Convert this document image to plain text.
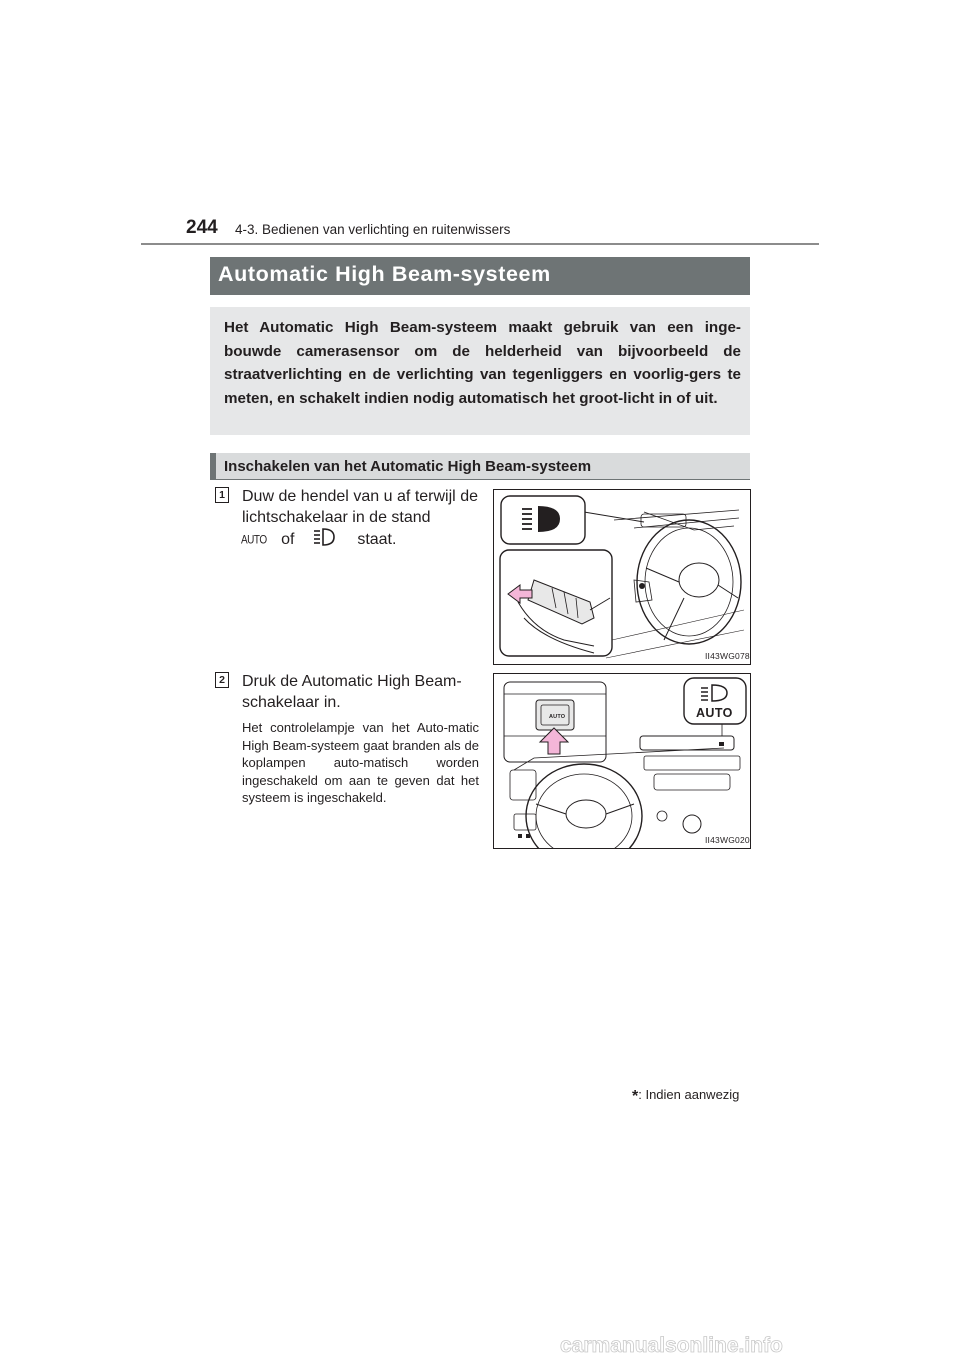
244 4-3. Bedienen van verlichting en ruitenwissers
Automatic High Beam-systeem	*
Het Automatic High Beam-systeem maakt gebruik van een inge-bouwde camerasensor om de helderheid van bijvoorbeeld de straatverlichting en de verlichting van tegenliggers en voorlig-gers te meten, en schakelt indien nodig automatisch het groot-licht in of uit.
Inschakelen van het Automatic High Beam-systeem
1 Duw de hendel van u af terwijl de lichtschakelaar in de stand
AUTO of	staat.
II43WG078
2 Druk de Automatic High Beam-schakelaar in.
Het controlelampje van het Auto-matic High Beam-systeem gaat branden als de koplampen auto-matisch worden ingeschakeld om aan te geven dat het systeem is ingeschakeld.
AUTO
AUTO
II43WG020
*: Indien aanwezig
carmanualsonline.info
